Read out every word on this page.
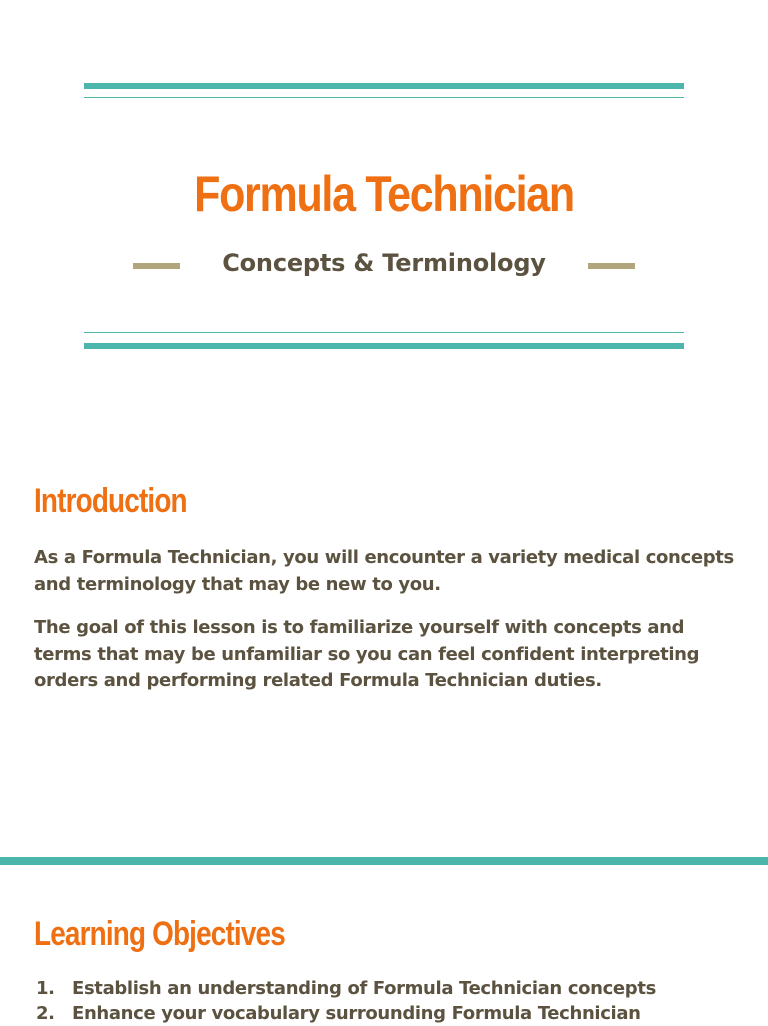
Formula Technician
Concepts & Terminology
Introduction

As a Formula Technician, you will encounter a variety medical concepts and terminology that may be new to you.

The goal of this lesson is to familiarize yourself with concepts and terms that may be unfamiliar so you can feel confident interpreting orders and performing related Formula Technician duties.

Learning Objectives
1. Establish an understanding of Formula Technician concepts
2. Enhance your vocabulary surrounding Formula Technician
